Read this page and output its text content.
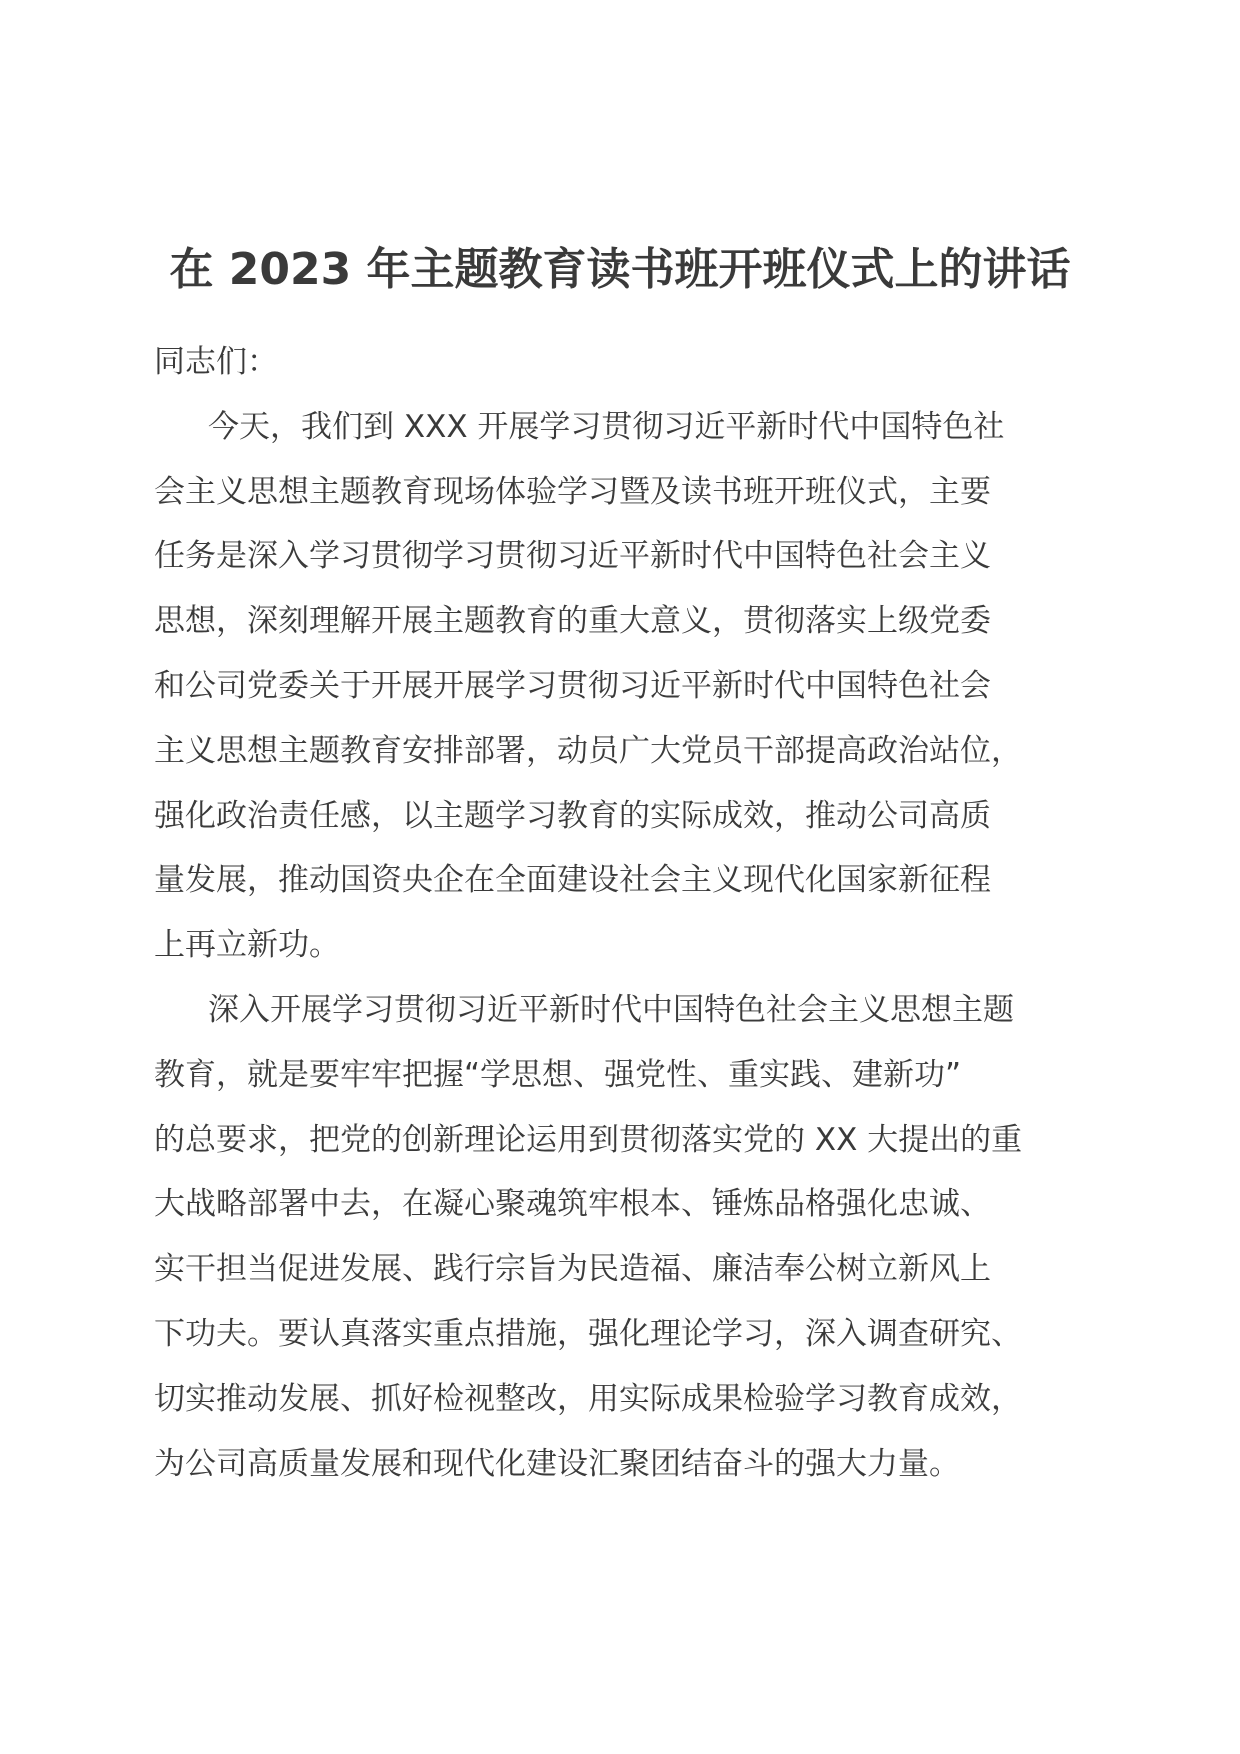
在 2023 年主题教育读书班开班仪式上的讲话
同志们：
今天，我们到 XXX 开展学习贯彻习近平新时代中国特色社
会主义思想主题教育现场体验学习暨及读书班开班仪式，主要
任务是深入学习贯彻学习贯彻习近平新时代中国特色社会主义
思想，深刻理解开展主题教育的重大意义，贯彻落实上级党委
和公司党委关于开展开展学习贯彻习近平新时代中国特色社会
主义思想主题教育安排部署，动员广大党员干部提高政治站位，
强化政治责任感，以主题学习教育的实际成效，推动公司高质
量发展，推动国资央企在全面建设社会主义现代化国家新征程
上再立新功。
深入开展学习贯彻习近平新时代中国特色社会主义思想主题
教育，就是要牢牢把握“学思想、强党性、重实践、建新功”
的总要求，把党的创新理论运用到贯彻落实党的 XX 大提出的重
大战略部署中去，在凝心聚魂筑牢根本、锤炼品格强化忠诚、
实干担当促进发展、践行宗旨为民造福、廉洁奉公树立新风上
下功夫。要认真落实重点措施，强化理论学习，深入调查研究、
切实推动发展、抓好检视整改，用实际成果检验学习教育成效，
为公司高质量发展和现代化建设汇聚团结奋斗的强大力量。
